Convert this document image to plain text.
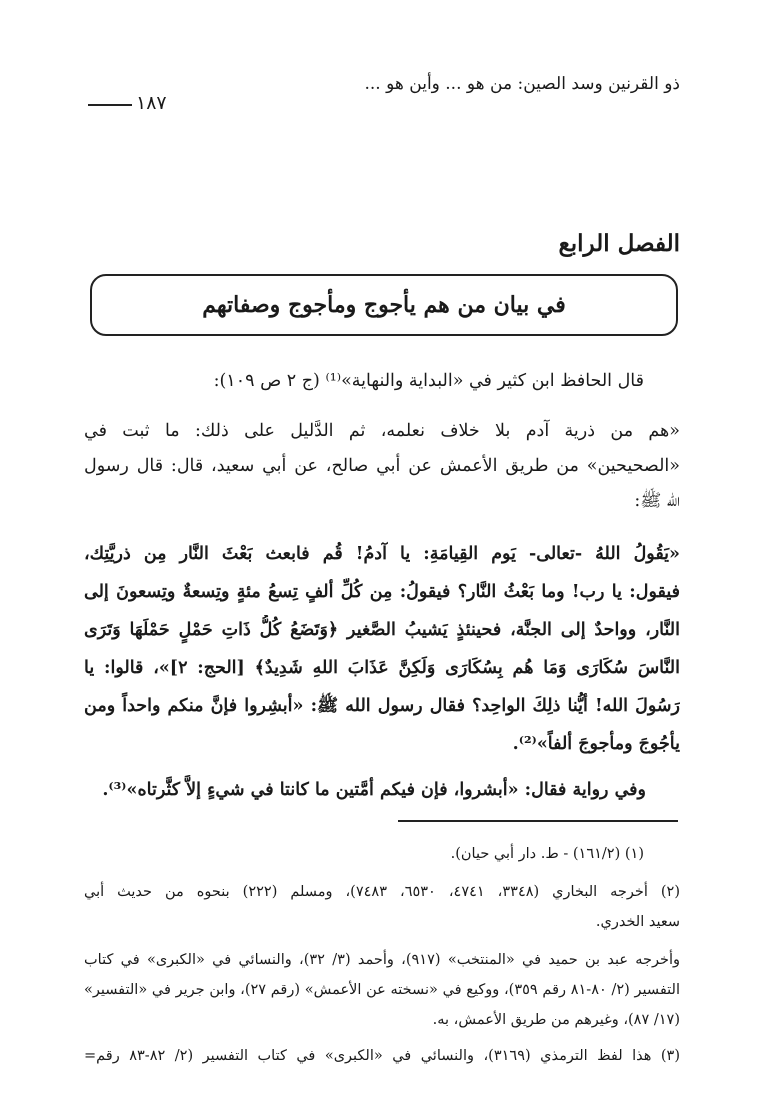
ذو القرنين وسد الصين: من هو ... وأين هو ...
١٨٧
الفصل الرابع
في بيان من هم يأجوج ومأجوج وصفاتهم
قال الحافظ ابن كثير في «البداية والنهاية»⁽¹⁾ (ج ٢ ص ١٠٩):
«هم من ذرية آدم بلا خلاف نعلمه، ثم الدَّليل على ذلك: ما ثبت في
«الصحيحين» من طريق الأعمش عن أبي صالح، عن أبي سعيد، قال: قال رسول
الله ﷺ:
«يَقُولُ اللهُ -تعالى- يَوم القِيامَةِ: يا آدمُ! قُم فابعث بَعْثَ النَّار مِن ذريَّتِك،
فيقول: يا رب! وما بَعْثُ النَّار؟ فيقولُ: مِن كُلِّ ألفٍ تِسعُ مئةٍ وتِسعةٌ وتِسعونَ إلى
النَّار، وواحدٌ إلى الجنَّة، فحينئذٍ يَشيبُ الصَّغير ﴿وَتَضَعُ كُلُّ ذَاتِ حَمْلٍ حَمْلَهَا وَتَرَى
النَّاسَ سُكَارَى وَمَا هُم بِسُكَارَى وَلَكِنَّ عَذَابَ اللهِ شَدِيدٌ﴾ [الحج: ٢]»، قالوا: يا
رَسُولَ الله! أيُّنا ذلِكَ الواحِد؟ فقال رسول الله ﷺ: «أبشِروا فإنَّ منكم واحداً ومن
يأجُوجَ ومأجوجَ ألفاً»⁽²⁾.
وفي رواية فقال: «أبشروا، فإن فيكم أمَّتين ما كانتا في شيءٍ إلاَّ كثَّرتاه»⁽³⁾.
(١) (١٦١/٢) - ط. دار أبي حيان).
(٢) أخرجه البخاري (٣٣٤٨، ٤٧٤١، ٦٥٣٠، ٧٤٨٣)، ومسلم (٢٢٢) بنحوه من حديث أبي
سعيد الخدري.
وأخرجه عبد بن حميد في «المنتخب» (٩١٧)، وأحمد (٣/ ٣٢)، والنسائي في «الكبرى» في كتاب
التفسير (٢/ ٨٠-٨١ رقم ٣٥٩)، ووكيع في «نسخته عن الأعمش» (رقم ٢٧)، وابن جرير في «التفسير»
(١٧/ ٨٧)، وغيرهم من طريق الأعمش، به.
(٣) هذا لفظ الترمذي (٣١٦٩)، والنسائي في «الكبرى» في كتاب التفسير (٢/ ٨٢-٨٣ رقم=
